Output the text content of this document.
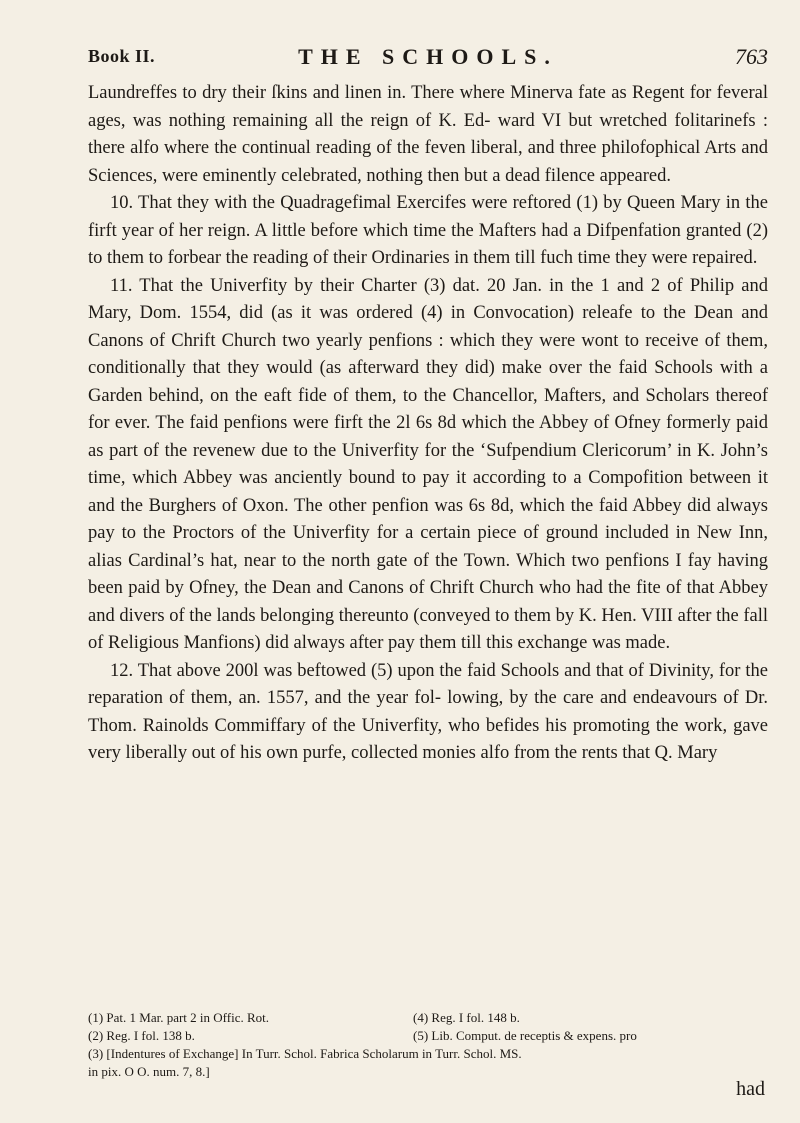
Book II.	THE SCHOOLS.	763

Laundreffes to dry their ſkins and linen in. There where Minerva fate as Regent for feveral ages, was nothing remaining all the reign of K. Ed- ward VI but wretched folitarinefs : there alfo where the continual reading of the feven liberal, and three philofophical Arts and Sciences, were eminently celebrated, nothing then but a dead filence appeared.

10. That they with the Quadragefimal Exercifes were reftored (1) by Queen Mary in the firft year of her reign. A little before which time the Mafters had a Difpenfation granted (2) to them to forbear the reading of their Ordinaries in them till fuch time they were repaired.

11. That the Univerfity by their Charter (3) dat. 20 Jan. in the 1 and 2 of Philip and Mary, Dom. 1554, did (as it was ordered (4) in Convocation) releafe to the Dean and Canons of Chrift Church two yearly penfions : which they were wont to receive of them, conditionally that they would (as afterward they did) make over the faid Schools with a Garden behind, on the eaft fide of them, to the Chancellor, Mafters, and Scholars thereof for ever. The faid penfions were firft the 2l 6s 8d which the Abbey of Ofney formerly paid as part of the revenew due to the Univerfity for the ‘Sufpendium Clericorum’ in K. John’s time, which Abbey was anciently bound to pay it according to a Compofition between it and the Burghers of Oxon. The other penfion was 6s 8d, which the faid Abbey did always pay to the Proctors of the Univerfity for a certain piece of ground included in New Inn, alias Cardinal’s hat, near to the north gate of the Town. Which two penfions I fay having been paid by Ofney, the Dean and Canons of Chrift Church who had the fite of that Abbey and divers of the lands belonging thereunto (conveyed to them by K. Hen. VIII after the fall of Religious Manfions) did always after pay them till this exchange was made.

12. That above 200l was beftowed (5) upon the faid Schools and that of Divinity, for the reparation of them, an. 1557, and the year fol- lowing, by the care and endeavours of Dr. Thom. Rainolds Commiffary of the Univerfity, who befides his promoting the work, gave very liberally out of his own purfe, collected monies alfo from the rents that Q. Mary

(1) Pat. 1 Mar. part 2 in Offic. Rot.	(4) Reg. I fol. 148 b.
(2) Reg. I fol. 138 b.	(5) Lib. Comput. de receptis & expens. pro
(3) [Indentures of Exchange] In Turr. Schol. Fabrica Scholarum in Turr. Schol. MS.
in pix. O O. num. 7, 8.]
had
